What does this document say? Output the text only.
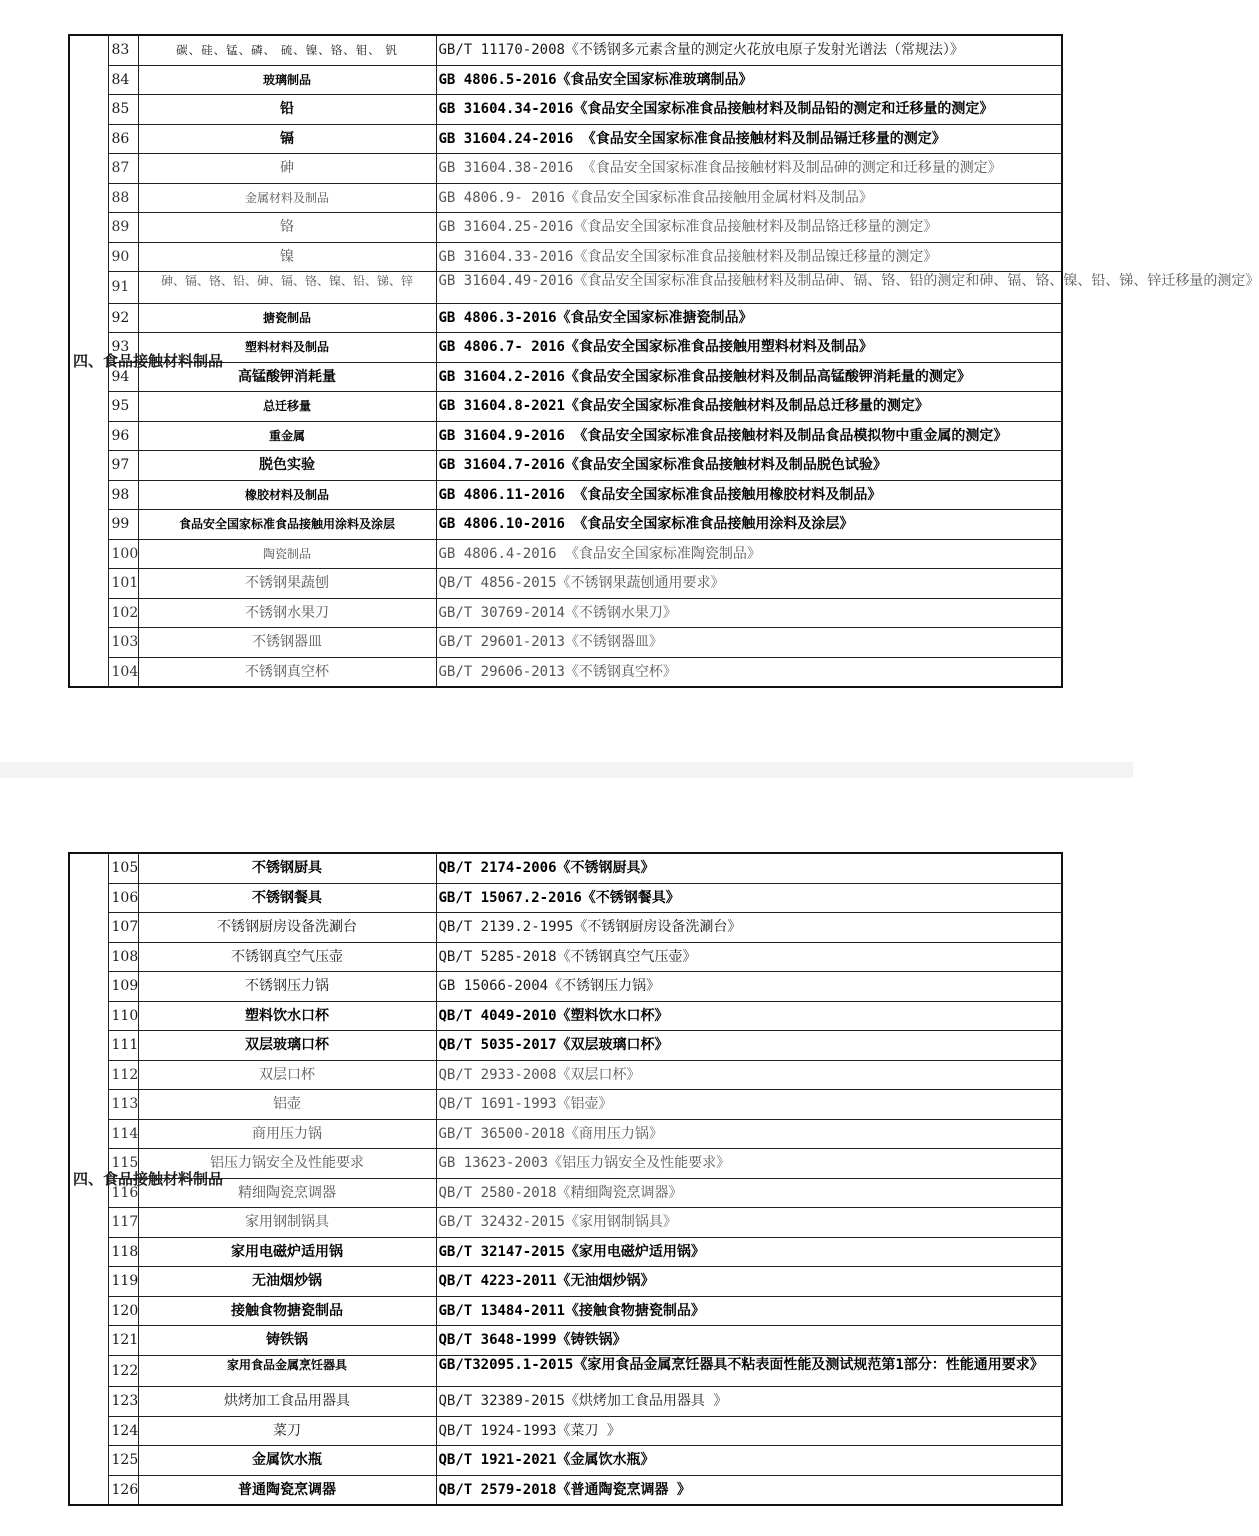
四、食品接触材料制品	83	碳、硅、锰、磷、 硫、镍、铬、钼、 钒	GB/T 11170-2008《不锈钢多元素含量的测定火花放电原子发射光谱法（常规法）》
	84	玻璃制品	GB 4806.5-2016《食品安全国家标准玻璃制品》
	85	铅	GB 31604.34-2016《食品安全国家标准食品接触材料及制品铅的测定和迁移量的测定》
	86	镉	GB 31604.24-2016 《食品安全国家标准食品接触材料及制品镉迁移量的测定》
	87	砷	GB 31604.38-2016 《食品安全国家标准食品接触材料及制品砷的测定和迁移量的测定》
	88	金属材料及制品	GB 4806.9- 2016《食品安全国家标准食品接触用金属材料及制品》
	89	铬	GB 31604.25-2016《食品安全国家标准食品接触材料及制品铬迁移量的测定》
	90	镍	GB 31604.33-2016《食品安全国家标准食品接触材料及制品镍迁移量的测定》
	91	砷、镉、铬、铅、砷、镉、铬、镍、铅、锑、锌	GB 31604.49-2016《食品安全国家标准食品接触材料及制品砷、镉、铬、铅的测定和砷、镉、铬、镍、铅、锑、锌迁移量的测定》
	92	搪瓷制品	GB 4806.3-2016《食品安全国家标准搪瓷制品》
	93	塑料材料及制品	GB 4806.7- 2016《食品安全国家标准食品接触用塑料材料及制品》
	94	高锰酸钾消耗量	GB 31604.2-2016《食品安全国家标准食品接触材料及制品高锰酸钾消耗量的测定》
	95	总迁移量	GB 31604.8-2021《食品安全国家标准食品接触材料及制品总迁移量的测定》
	96	重金属	GB 31604.9-2016 《食品安全国家标准食品接触材料及制品食品模拟物中重金属的测定》
	97	脱色实验	GB 31604.7-2016《食品安全国家标准食品接触材料及制品脱色试验》
	98	橡胶材料及制品	GB 4806.11-2016 《食品安全国家标准食品接触用橡胶材料及制品》
	99	食品安全国家标准食品接触用涂料及涂层	GB 4806.10-2016 《食品安全国家标准食品接触用涂料及涂层》
	100	陶瓷制品	GB 4806.4-2016 《食品安全国家标准陶瓷制品》
	101	不锈钢果蔬刨	QB/T 4856-2015《不锈钢果蔬刨通用要求》
	102	不锈钢水果刀	GB/T 30769-2014《不锈钢水果刀》
	103	不锈钢器皿	GB/T 29601-2013《不锈钢器皿》
	104	不锈钢真空杯	GB/T 29606-2013《不锈钢真空杯》
四、食品接触材料制品	105	不锈钢厨具	QB/T 2174-2006《不锈钢厨具》
	106	不锈钢餐具	GB/T 15067.2-2016《不锈钢餐具》
	107	不锈钢厨房设备洗涮台	QB/T 2139.2-1995《不锈钢厨房设备洗涮台》
	108	不锈钢真空气压壶	QB/T 5285-2018《不锈钢真空气压壶》
	109	不锈钢压力锅	GB 15066-2004《不锈钢压力锅》
	110	塑料饮水口杯	QB/T 4049-2010《塑料饮水口杯》
	111	双层玻璃口杯	QB/T 5035-2017《双层玻璃口杯》
	112	双层口杯	QB/T 2933-2008《双层口杯》
	113	铝壶	QB/T 1691-1993《铝壶》
	114	商用压力锅	GB/T 36500-2018《商用压力锅》
	115	铝压力锅安全及性能要求	GB 13623-2003《铝压力锅安全及性能要求》
	116	精细陶瓷烹调器	QB/T 2580-2018《精细陶瓷烹调器》
	117	家用钢制锅具	GB/T 32432-2015《家用钢制锅具》
	118	家用电磁炉适用锅	GB/T 32147-2015《家用电磁炉适用锅》
	119	无油烟炒锅	QB/T 4223-2011《无油烟炒锅》
	120	接触食物搪瓷制品	GB/T 13484-2011《接触食物搪瓷制品》
	121	铸铁锅	QB/T 3648-1999《铸铁锅》
	122	家用食品金属烹饪器具	GB/T32095.1-2015《家用食品金属烹饪器具不粘表面性能及测试规范第1部分：性能通用要求》
	123	烘烤加工食品用器具	QB/T 32389-2015《烘烤加工食品用器具 》
	124	菜刀	QB/T 1924-1993《菜刀 》
	125	金属饮水瓶	QB/T 1921-2021《金属饮水瓶》
	126	普通陶瓷烹调器	QB/T 2579-2018《普通陶瓷烹调器 》
